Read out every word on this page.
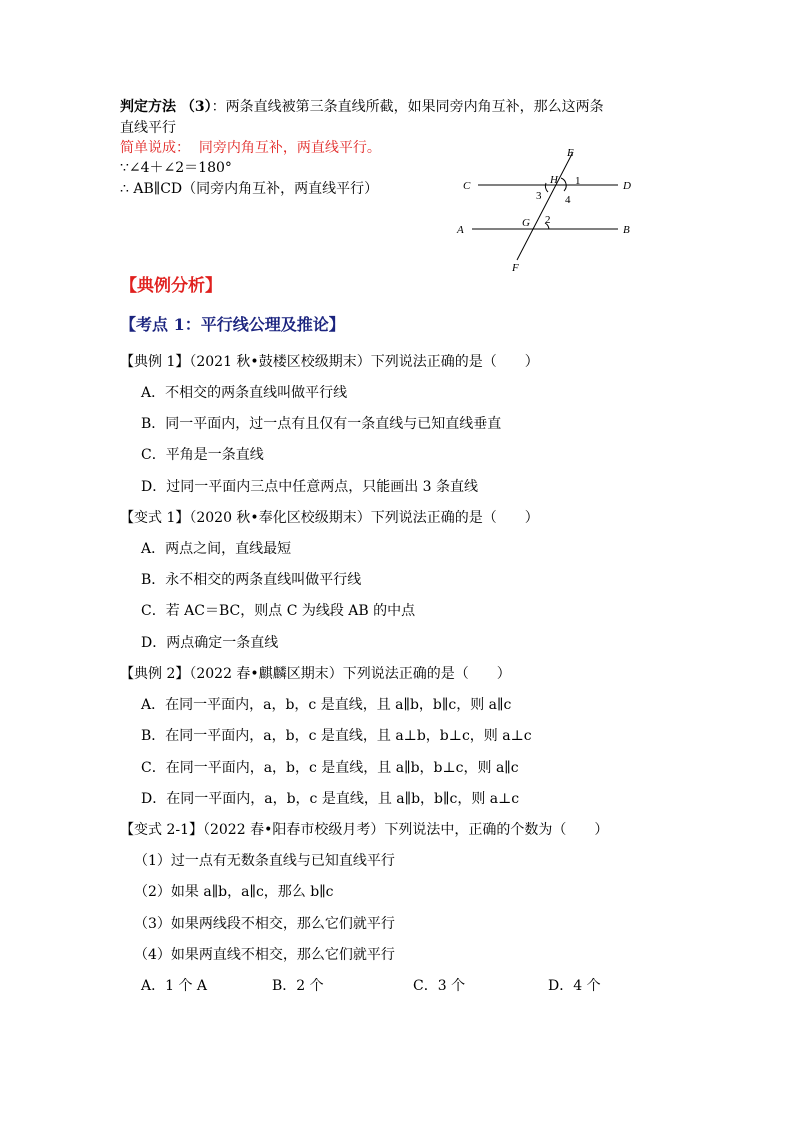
判定方法 （3）：两条直线被第三条直线所截，如果同旁内角互补，那么这两条
直线平行
简单说成： 同旁内角互补，两直线平行。
∵∠4＋∠2＝180°
∴ AB∥CD（同旁内角互补，两直线平行）
E
C	D
H
A	B
G
F
1
2
3 4
【典例分析】
【考点 1：平行线公理及推论】
【典例 1】（2021 秋•鼓楼区校级期末）下列说法正确的是（　　）
A．不相交的两条直线叫做平行线
B．同一平面内，过一点有且仅有一条直线与已知直线垂直
C．平角是一条直线
D．过同一平面内三点中任意两点，只能画出 3 条直线
【变式 1】（2020 秋•奉化区校级期末）下列说法正确的是（　　）
A．两点之间，直线最短
B．永不相交的两条直线叫做平行线
C．若 AC＝BC，则点 C 为线段 AB 的中点
D．两点确定一条直线
【典例 2】（2022 春•麒麟区期末）下列说法正确的是（　　）
A．在同一平面内，a，b，c 是直线，且 a∥b，b∥c，则 a∥c
B．在同一平面内，a，b，c 是直线，且 a⊥b，b⊥c，则 a⊥c
C．在同一平面内，a，b，c 是直线，且 a∥b，b⊥c，则 a∥c
D．在同一平面内，a，b，c 是直线，且 a∥b，b∥c，则 a⊥c
【变式 2-1】（2022 春•阳春市校级月考）下列说法中，正确的个数为（　　）
（1）过一点有无数条直线与已知直线平行
（2）如果 a∥b，a∥c，那么 b∥c
（3）如果两线段不相交，那么它们就平行
（4）如果两直线不相交，那么它们就平行
A．1 个 A	B．2 个	C．3 个	D．4 个
